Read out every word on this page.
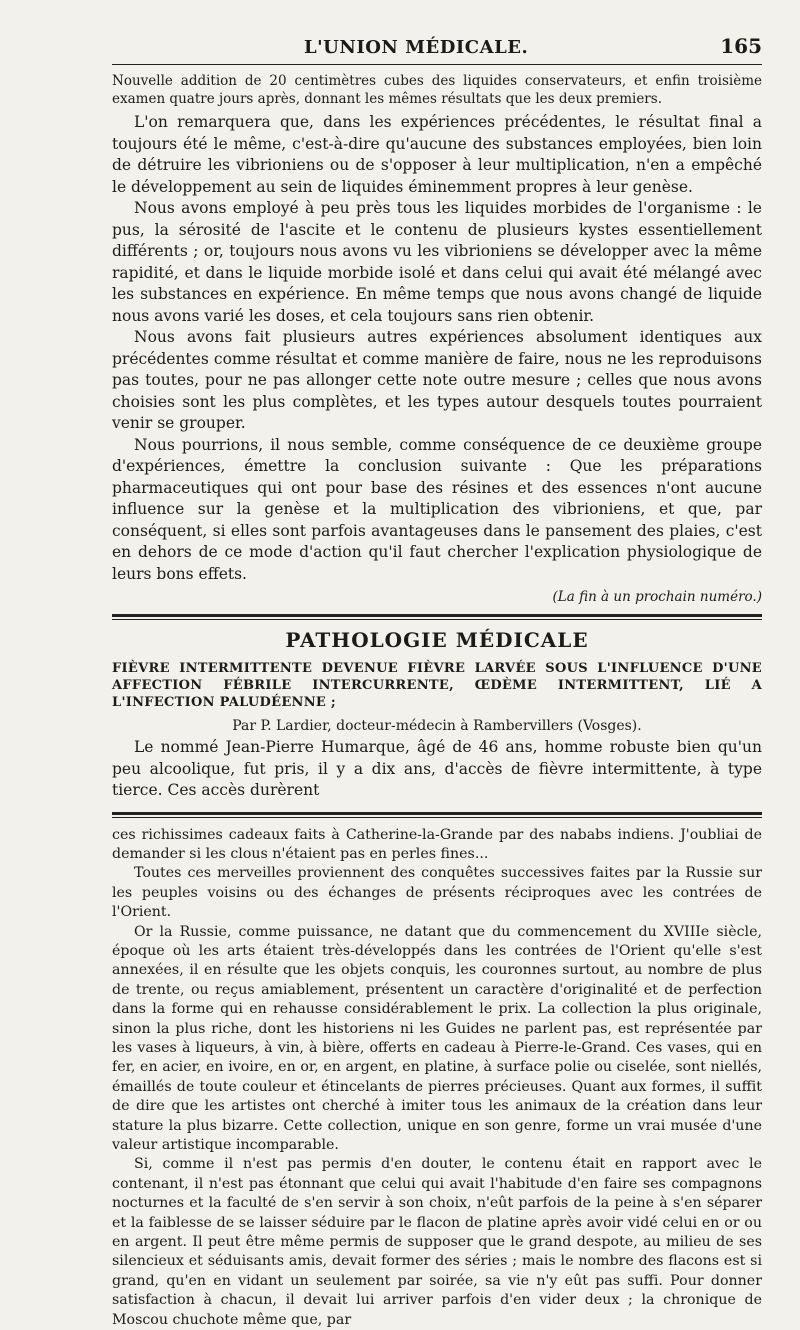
L'UNION MÉDICALE.	165

Nouvelle addition de 20 centimètres cubes des liquides conservateurs, et enfin troisième examen quatre jours après, donnant les mêmes résultats que les deux premiers.

L'on remarquera que, dans les expériences précédentes, le résultat final a toujours été le même, c'est-à-dire qu'aucune des substances employées, bien loin de détruire les vibrioniens ou de s'opposer à leur multiplication, n'en a empêché le développement au sein de liquides éminemment propres à leur genèse.

Nous avons employé à peu près tous les liquides morbides de l'organisme : le pus, la sérosité de l'ascite et le contenu de plusieurs kystes essentiellement différents ; or, toujours nous avons vu les vibrioniens se développer avec la même rapidité, et dans le liquide morbide isolé et dans celui qui avait été mélangé avec les substances en expérience. En même temps que nous avons changé de liquide nous avons varié les doses, et cela toujours sans rien obtenir.

Nous avons fait plusieurs autres expériences absolument identiques aux précédentes comme résultat et comme manière de faire, nous ne les reproduisons pas toutes, pour ne pas allonger cette note outre mesure ; celles que nous avons choisies sont les plus complètes, et les types autour desquels toutes pourraient venir se grouper.

Nous pourrions, il nous semble, comme conséquence de ce deuxième groupe d'expériences, émettre la conclusion suivante : Que les préparations pharmaceutiques qui ont pour base des résines et des essences n'ont aucune influence sur la genèse et la multiplication des vibrioniens, et que, par conséquent, si elles sont parfois avantageuses dans le pansement des plaies, c'est en dehors de ce mode d'action qu'il faut chercher l'explication physiologique de leurs bons effets.

(La fin à un prochain numéro.)
PATHOLOGIE MÉDICALE

FIÈVRE INTERMITTENTE DEVENUE FIÈVRE LARVÉE SOUS L'INFLUENCE D'UNE AFFECTION FÉBRILE INTERCURRENTE, ŒDÈME INTERMITTENT, LIÉ A L'INFECTION PALUDÉENNE ;

Par P. Lardier, docteur-médecin à Rambervillers (Vosges).

Le nommé Jean-Pierre Humarque, âgé de 46 ans, homme robuste bien qu'un peu alcoolique, fut pris, il y a dix ans, d'accès de fièvre intermittente, à type tierce. Ces accès durèrent

ces richissimes cadeaux faits à Catherine-la-Grande par des nababs indiens. J'oubliai de demander si les clous n'étaient pas en perles fines...

Toutes ces merveilles proviennent des conquêtes successives faites par la Russie sur les peuples voisins ou des échanges de présents réciproques avec les contrées de l'Orient.

Or la Russie, comme puissance, ne datant que du commencement du XVIIIe siècle, époque où les arts étaient très-développés dans les contrées de l'Orient qu'elle s'est annexées, il en résulte que les objets conquis, les couronnes surtout, au nombre de plus de trente, ou reçus amiablement, présentent un caractère d'originalité et de perfection dans la forme qui en rehausse considérablement le prix. La collection la plus originale, sinon la plus riche, dont les historiens ni les Guides ne parlent pas, est représentée par les vases à liqueurs, à vin, à bière, offerts en cadeau à Pierre-le-Grand. Ces vases, qui en fer, en acier, en ivoire, en or, en argent, en platine, à surface polie ou ciselée, sont niellés, émaillés de toute couleur et étincelants de pierres précieuses. Quant aux formes, il suffit de dire que les artistes ont cherché à imiter tous les animaux de la création dans leur stature la plus bizarre. Cette collection, unique en son genre, forme un vrai musée d'une valeur artistique incomparable.

Si, comme il n'est pas permis d'en douter, le contenu était en rapport avec le contenant, il n'est pas étonnant que celui qui avait l'habitude d'en faire ses compagnons nocturnes et la faculté de s'en servir à son choix, n'eût parfois de la peine à s'en séparer et la faiblesse de se laisser séduire par le flacon de platine après avoir vidé celui en or ou en argent. Il peut être même permis de supposer que le grand despote, au milieu de ses silencieux et séduisants amis, devait former des séries ; mais le nombre des flacons est si grand, qu'en en vidant un seulement par soirée, sa vie n'y eût pas suffi. Pour donner satisfaction à chacun, il devait lui arriver parfois d'en vider deux ; la chronique de Moscou chuchote même que, par
